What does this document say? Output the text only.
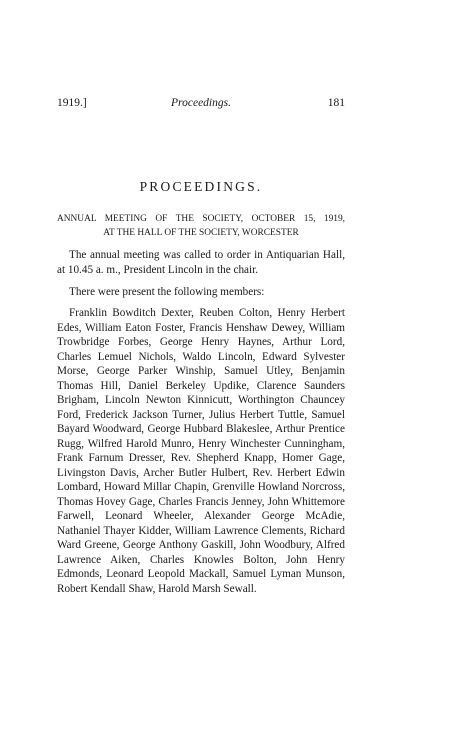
1919.]	Proceedings.	181
PROCEEDINGS.
ANNUAL MEETING OF THE SOCIETY, OCTOBER 15, 1919,
AT THE HALL OF THE SOCIETY, WORCESTER

The annual meeting was called to order in Antiquarian Hall, at 10.45 a. m., President Lincoln in the chair.

There were present the following members:

Franklin Bowditch Dexter, Reuben Colton, Henry Herbert Edes, William Eaton Foster, Francis Henshaw Dewey, William Trowbridge Forbes, George Henry Haynes, Arthur Lord, Charles Lemuel Nichols, Waldo Lincoln, Edward Sylvester Morse, George Parker Winship, Samuel Utley, Benjamin Thomas Hill, Daniel Berkeley Updike, Clarence Saunders Brigham, Lincoln Newton Kinnicutt, Worthington Chauncey Ford, Frederick Jackson Turner, Julius Herbert Tuttle, Samuel Bayard Woodward, George Hubbard Blakeslee, Arthur Prentice Rugg, Wilfred Harold Munro, Henry Winchester Cunningham, Frank Farnum Dresser, Rev. Shepherd Knapp, Homer Gage, Livingston Davis, Archer Butler Hulbert, Rev. Herbert Edwin Lombard, Howard Millar Chapin, Grenville Howland Norcross, Thomas Hovey Gage, Charles Francis Jenney, John Whittemore Farwell, Leonard Wheeler, Alexander George McAdie, Nathaniel Thayer Kidder, William Lawrence Clements, Richard Ward Greene, George Anthony Gaskill, John Woodbury, Alfred Lawrence Aiken, Charles Knowles Bolton, John Henry Edmonds, Leonard Leopold Mackall, Samuel Lyman Munson, Robert Kendall Shaw, Harold Marsh Sewall.
